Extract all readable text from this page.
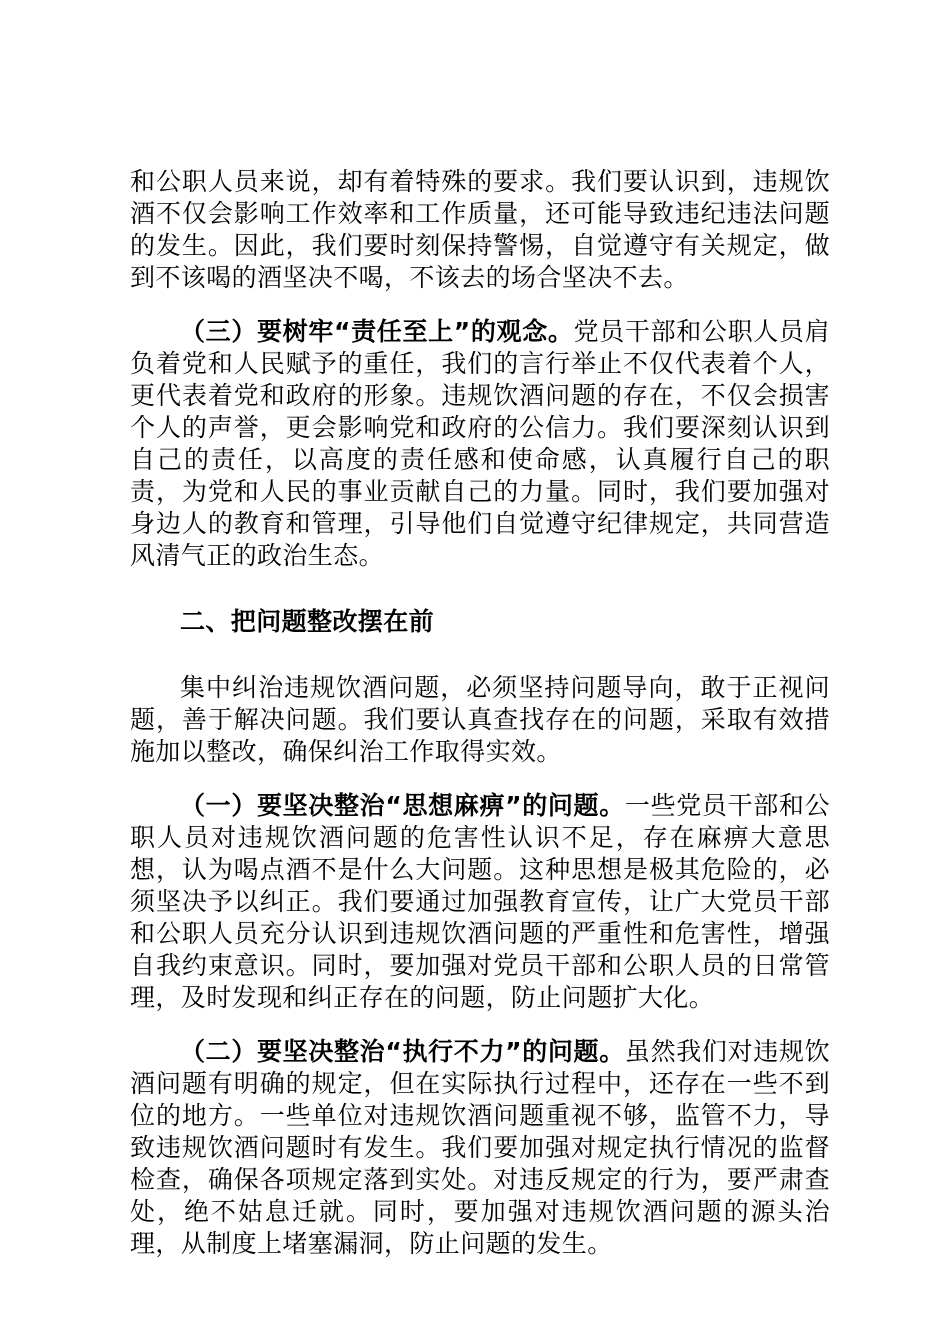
和公职人员来说，却有着特殊的要求。我们要认识到，违规饮酒不仅会影响工作效率和工作质量，还可能导致违纪违法问题的发生。因此，我们要时刻保持警惕，自觉遵守有关规定，做到不该喝的酒坚决不喝，不该去的场合坚决不去。

（三）要树牢“责任至上”的观念。党员干部和公职人员肩负着党和人民赋予的重任，我们的言行举止不仅代表着个人，更代表着党和政府的形象。违规饮酒问题的存在，不仅会损害个人的声誉，更会影响党和政府的公信力。我们要深刻认识到自己的责任，以高度的责任感和使命感，认真履行自己的职责，为党和人民的事业贡献自己的力量。同时，我们要加强对身边人的教育和管理，引导他们自觉遵守纪律规定，共同营造风清气正的政治生态。

二、把问题整改摆在前

集中纠治违规饮酒问题，必须坚持问题导向，敢于正视问题，善于解决问题。我们要认真查找存在的问题，采取有效措施加以整改，确保纠治工作取得实效。

（一）要坚决整治“思想麻痹”的问题。一些党员干部和公职人员对违规饮酒问题的危害性认识不足，存在麻痹大意思想，认为喝点酒不是什么大问题。这种思想是极其危险的，必须坚决予以纠正。我们要通过加强教育宣传，让广大党员干部和公职人员充分认识到违规饮酒问题的严重性和危害性，增强自我约束意识。同时，要加强对党员干部和公职人员的日常管理，及时发现和纠正存在的问题，防止问题扩大化。

（二）要坚决整治“执行不力”的问题。虽然我们对违规饮酒问题有明确的规定，但在实际执行过程中，还存在一些不到位的地方。一些单位对违规饮酒问题重视不够，监管不力，导致违规饮酒问题时有发生。我们要加强对规定执行情况的监督检查，确保各项规定落到实处。对违反规定的行为，要严肃查处，绝不姑息迁就。同时，要加强对违规饮酒问题的源头治理，从制度上堵塞漏洞，防止问题的发生。
